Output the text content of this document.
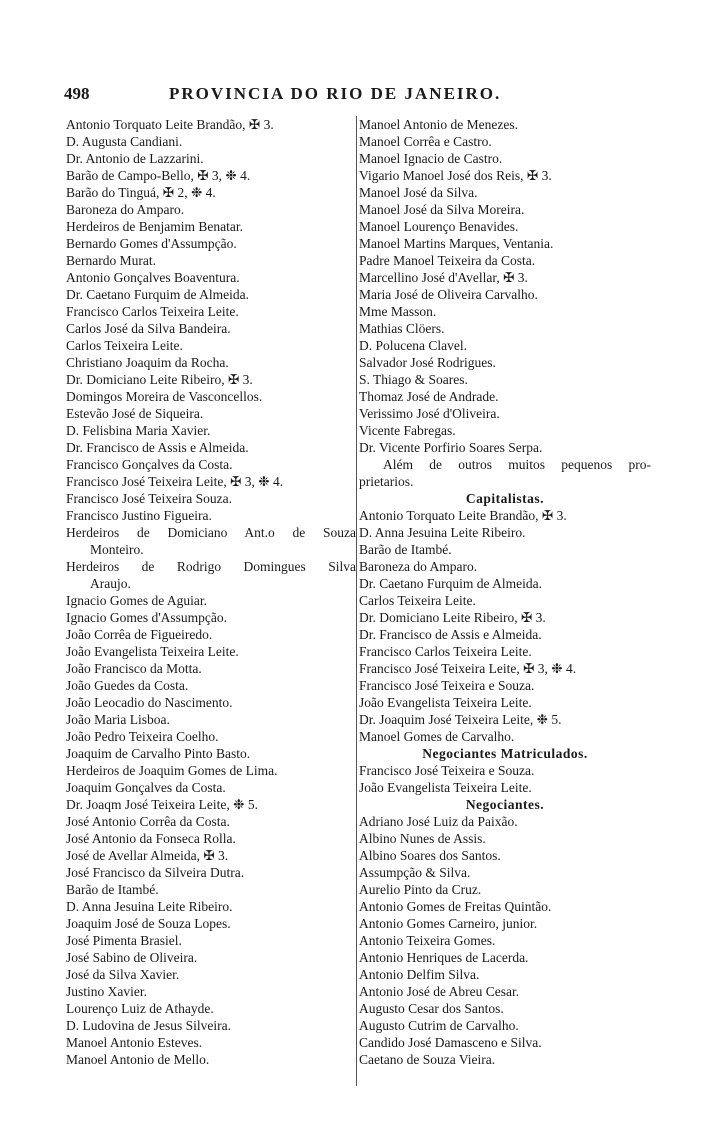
498	PROVINCIA DO RIO DE JANEIRO.
Antonio Torquato Leite Brandão, ✠ 3.
D. Augusta Candiani.
Dr. Antonio de Lazzarini.
Barão de Campo-Bello, ✠ 3, ❉ 4.
Barão do Tinguá, ✠ 2, ❉ 4.
Baroneza do Amparo.
Herdeiros de Benjamim Benatar.
Bernardo Gomes d'Assumpção.
Bernardo Murat.
Antonio Gonçalves Boaventura.
Dr. Caetano Furquim de Almeida.
Francisco Carlos Teixeira Leite.
Carlos José da Silva Bandeira.
Carlos Teixeira Leite.
Christiano Joaquim da Rocha.
Dr. Domiciano Leite Ribeiro, ✠ 3.
Domingos Moreira de Vasconcellos.
Estevão José de Siqueira.
D. Felisbina Maria Xavier.
Dr. Francisco de Assis e Almeida.
Francisco Gonçalves da Costa.
Francisco José Teixeira Leite, ✠ 3, ❉ 4.
Francisco José Teixeira Souza.
Francisco Justino Figueira.
Herdeiros de Domiciano Ant.o de Souza
Monteiro.
Herdeiros de Rodrigo Domingues Silva
Araujo.
Ignacio Gomes de Aguiar.
Ignacio Gomes d'Assumpção.
João Corrêa de Figueiredo.
João Evangelista Teixeira Leite.
João Francisco da Motta.
João Guedes da Costa.
João Leocadio do Nascimento.
João Maria Lisboa.
João Pedro Teixeira Coelho.
Joaquim de Carvalho Pinto Basto.
Herdeiros de Joaquim Gomes de Lima.
Joaquim Gonçalves da Costa.
Dr. Joaqm José Teixeira Leite, ❉ 5.
José Antonio Corrêa da Costa.
José Antonio da Fonseca Rolla.
José de Avellar Almeida, ✠ 3.
José Francisco da Silveira Dutra.
Barão de Itambé.
D. Anna Jesuina Leite Ribeiro.
Joaquim José de Souza Lopes.
José Pimenta Brasiel.
José Sabino de Oliveira.
José da Silva Xavier.
Justino Xavier.
Lourenço Luiz de Athayde.
D. Ludovina de Jesus Silveira.
Manoel Antonio Esteves.
Manoel Antonio de Mello.
Manoel Antonio de Menezes.
Manoel Corrêa e Castro.
Manoel Ignacio de Castro.
Vigario Manoel José dos Reis, ✠ 3.
Manoel José da Silva.
Manoel José da Silva Moreira.
Manoel Lourenço Benavides.
Manoel Martins Marques, Ventania.
Padre Manoel Teixeira da Costa.
Marcellino José d'Avellar, ✠ 3.
Maria José de Oliveira Carvalho.
Mme Masson.
Mathias Clöers.
D. Polucena Clavel.
Salvador José Rodrigues.
S. Thiago & Soares.
Thomaz José de Andrade.
Verissimo José d'Oliveira.
Vicente Fabregas.
Dr. Vicente Porfirio Soares Serpa.
Além de outros muitos pequenos pro-
prietarios.
Capitalistas.
Antonio Torquato Leite Brandão, ✠ 3.
D. Anna Jesuina Leite Ribeiro.
Barão de Itambé.
Baroneza do Amparo.
Dr. Caetano Furquim de Almeida.
Carlos Teixeira Leite.
Dr. Domiciano Leite Ribeiro, ✠ 3.
Dr. Francisco de Assis e Almeida.
Francisco Carlos Teixeira Leite.
Francisco José Teixeira Leite, ✠ 3, ❉ 4.
Francisco José Teixeira e Souza.
João Evangelista Teixeira Leite.
Dr. Joaquim José Teixeira Leite, ❉ 5.
Manoel Gomes de Carvalho.
Negociantes Matriculados.
Francisco José Teixeira e Souza.
João Evangelista Teixeira Leite.
Negociantes.
Adriano José Luiz da Paixão.
Albino Nunes de Assis.
Albino Soares dos Santos.
Assumpção & Silva.
Aurelio Pinto da Cruz.
Antonio Gomes de Freitas Quintão.
Antonio Gomes Carneiro, junior.
Antonio Teixeira Gomes.
Antonio Henriques de Lacerda.
Antonio Delfim Silva.
Antonio José de Abreu Cesar.
Augusto Cesar dos Santos.
Augusto Cutrim de Carvalho.
Candido José Damasceno e Silva.
Caetano de Souza Vieira.
